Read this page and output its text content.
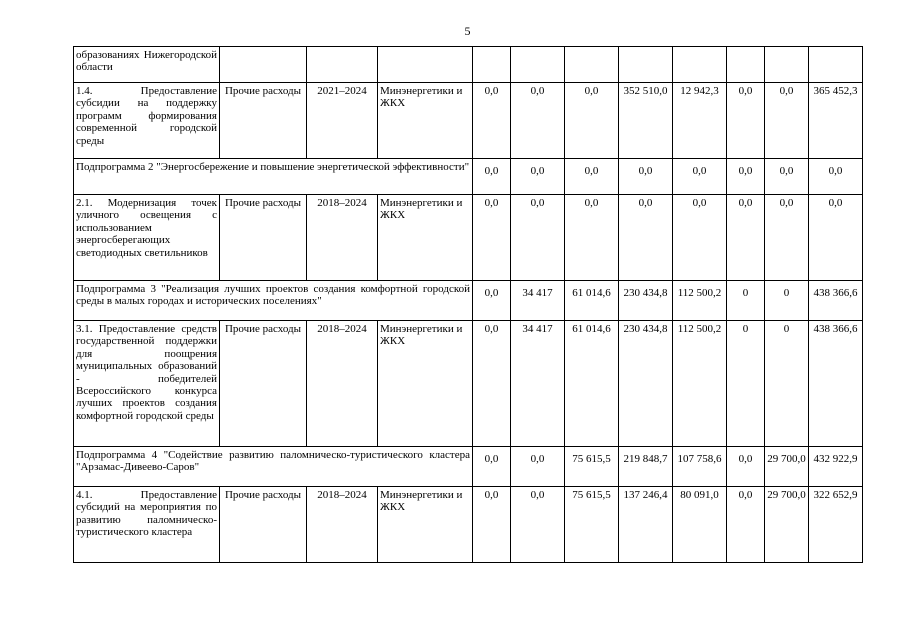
5
образованиях Нижегородской области											
1.4. Предоставление субсидии на поддержку программ формирования современной городской среды	Прочие расходы	2021–2024	Минэнергетики и ЖКХ	0,0	0,0	0,0	352 510,0	12 942,3	0,0	0,0	365 452,3
Подпрограмма 2 "Энергосбережение и повышение энергетической эффективности"				0,0	0,0	0,0	0,0	0,0	0,0	0,0	0,0
2.1. Модернизация точек уличного освещения с использованием энергосберегающих светодиодных светильников	Прочие расходы	2018–2024	Минэнергетики и ЖКХ	0,0	0,0	0,0	0,0	0,0	0,0	0,0	0,0
Подпрограмма 3 "Реализация лучших проектов создания комфортной городской среды в малых городах и исторических поселениях"				0,0	34 417	61 014,6	230 434,8	112 500,2	0	0	438 366,6
3.1. Предоставление средств государственной поддержки для поощрения муниципальных образований - победителей Всероссийского конкурса лучших проектов создания комфортной городской среды	Прочие расходы	2018–2024	Минэнергетики и ЖКХ	0,0	34 417	61 014,6	230 434,8	112 500,2	0	0	438 366,6
Подпрограмма 4 "Содействие развитию паломническо-туристического кластера "Арзамас-Дивеево-Саров"				0,0	0,0	75 615,5	219 848,7	107 758,6	0,0	29 700,0	432 922,9
4.1. Предоставление субсидий на мероприятия по развитию паломническо-туристического кластера	Прочие расходы	2018–2024	Минэнергетики и ЖКХ	0,0	0,0	75 615,5	137 246,4	80 091,0	0,0	29 700,0	322 652,9
